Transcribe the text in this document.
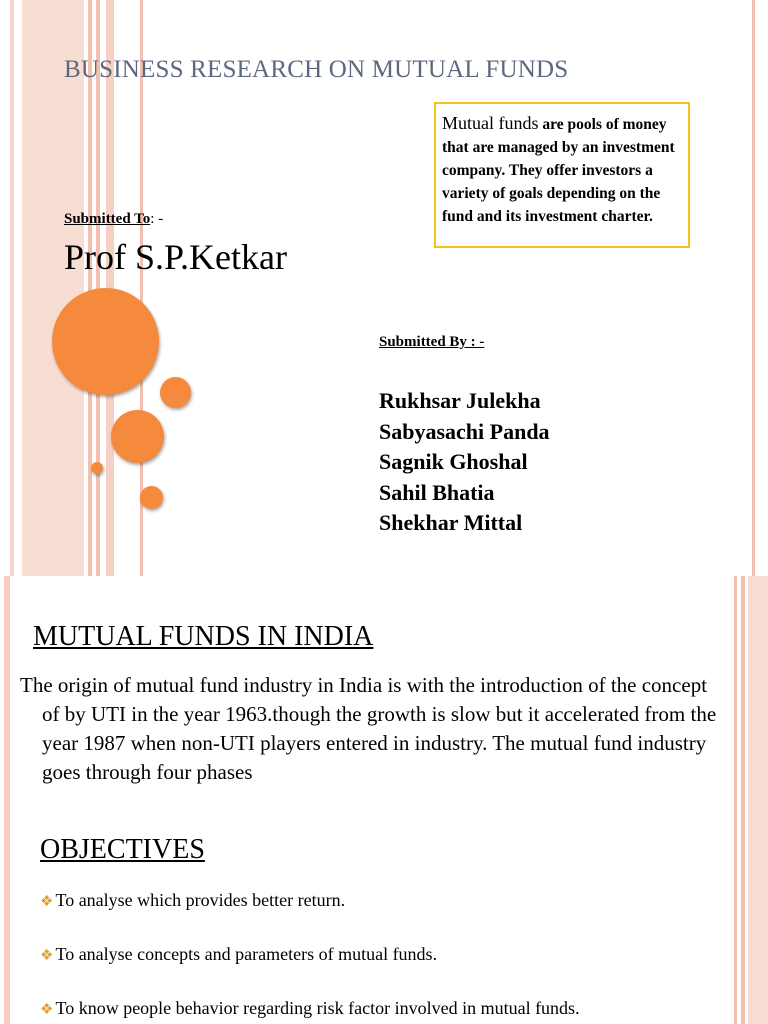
BUSINESS RESEARCH ON MUTUAL FUNDS
Mutual funds are pools of money that are managed by an investment company. They offer investors a variety of goals depending on the fund and its investment charter.
Submitted To: -
Prof S.P.Ketkar
Submitted By : -
Rukhsar Julekha
Sabyasachi Panda
Sagnik Ghoshal
Sahil Bhatia
Shekhar Mittal
MUTUAL FUNDS IN INDIA
The origin of mutual fund industry in India is with the introduction of the concept of by UTI in the year 1963.though the growth is slow but it accelerated from the year 1987 when non-UTI players entered in industry. The mutual fund industry goes through four phases
OBJECTIVES
❖ To analyse which provides better return.
❖ To analyse concepts and parameters of mutual funds.
❖ To know people behavior regarding risk factor involved in mutual funds.
